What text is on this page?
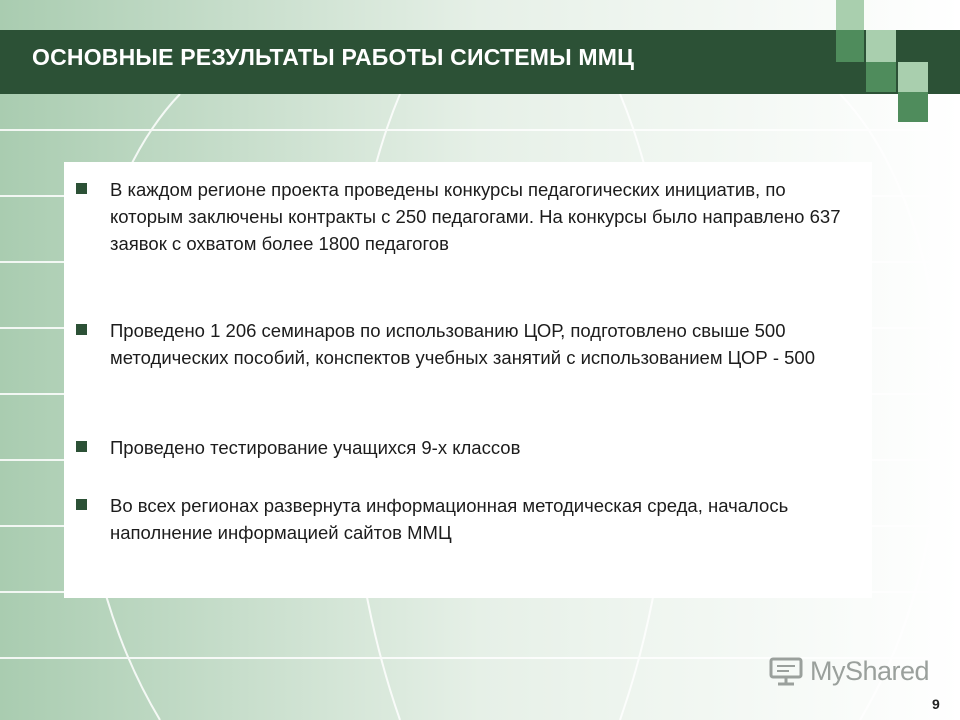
ОСНОВНЫЕ РЕЗУЛЬТАТЫ РАБОТЫ СИСТЕМЫ ММЦ
В каждом регионе проекта проведены конкурсы педагогических инициатив, по которым заключены контракты с 250 педагогами. На конкурсы было направлено 637 заявок с охватом более 1800 педагогов
Проведено 1 206 семинаров по использованию ЦОР, подготовлено свыше 500 методических пособий, конспектов учебных занятий с использованием ЦОР - 500
Проведено тестирование учащихся 9-х классов
Во всех регионах развернута информационная методическая среда, началось наполнение информацией сайтов ММЦ
MyShared
9
